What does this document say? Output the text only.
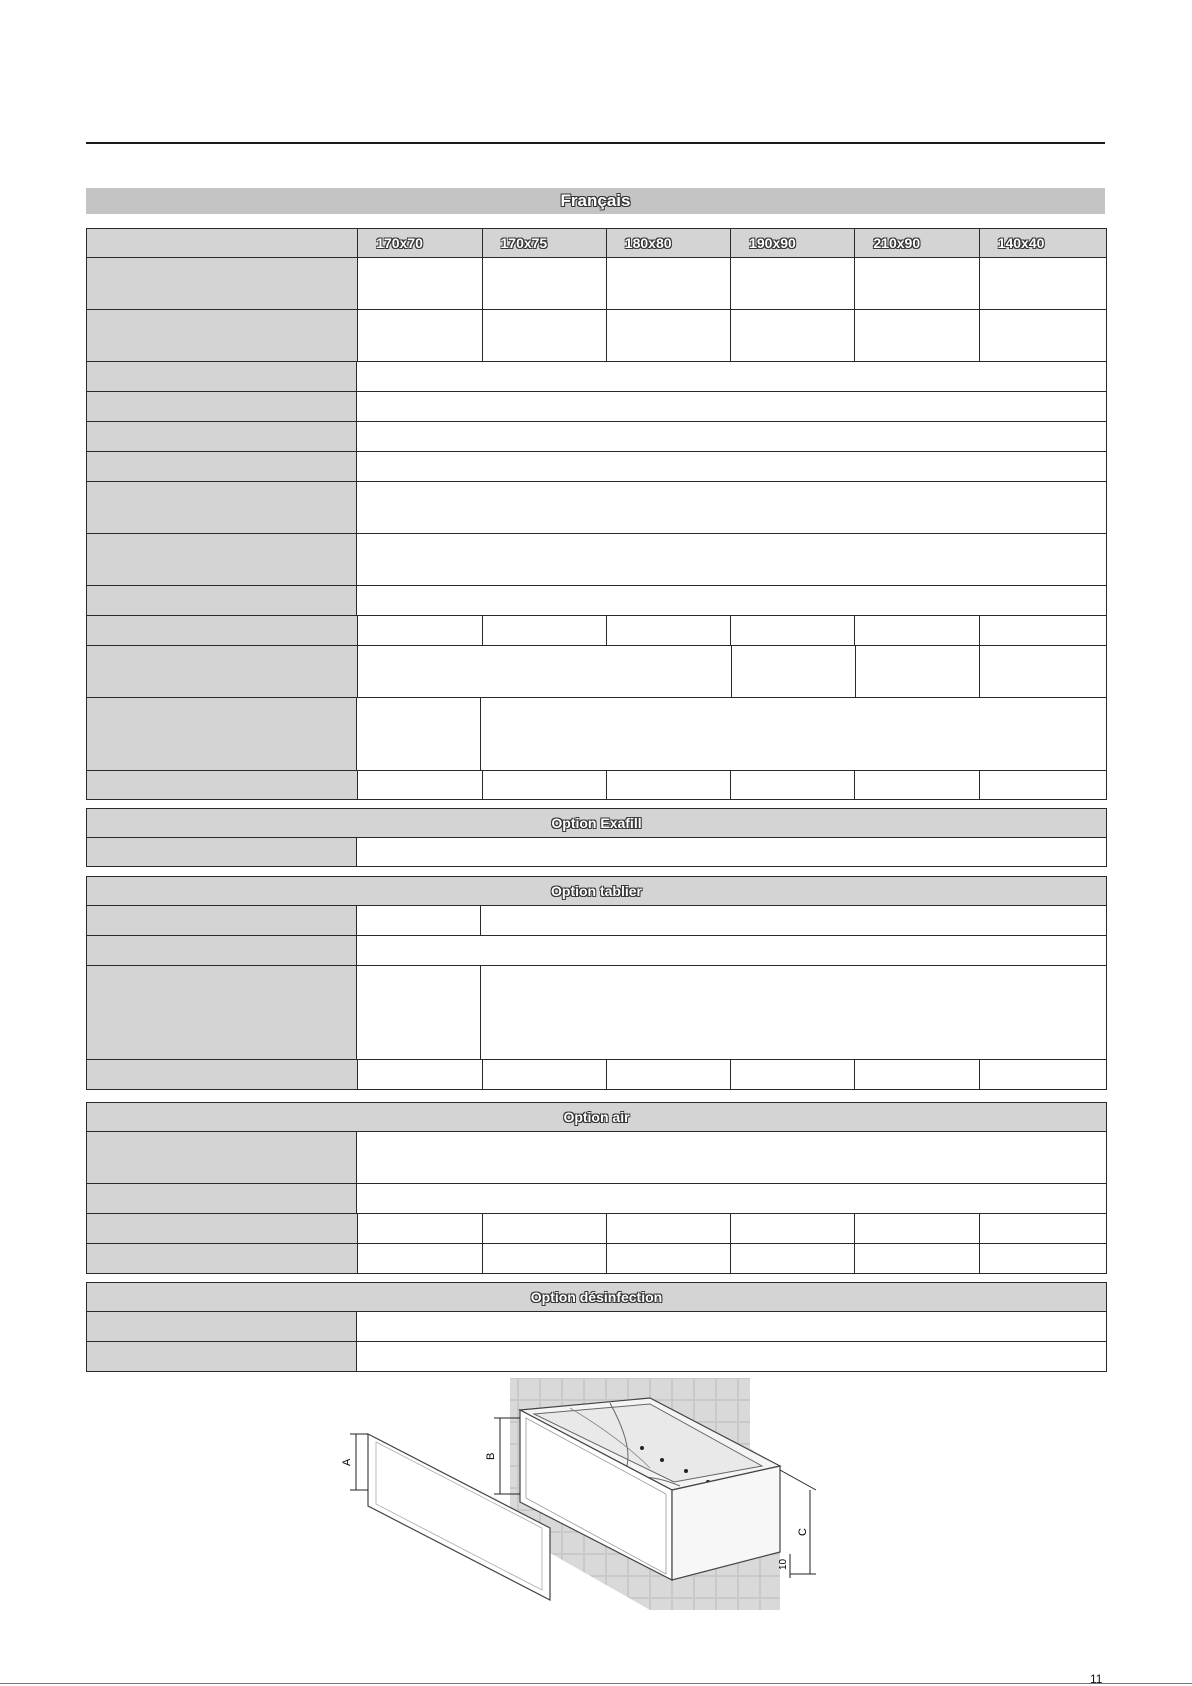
Français
170x70	170x75	180x80	190x90	210x90	140x40
Option Exafill
Option tablier
Option air
Option désinfection
A
B
C
10
11
